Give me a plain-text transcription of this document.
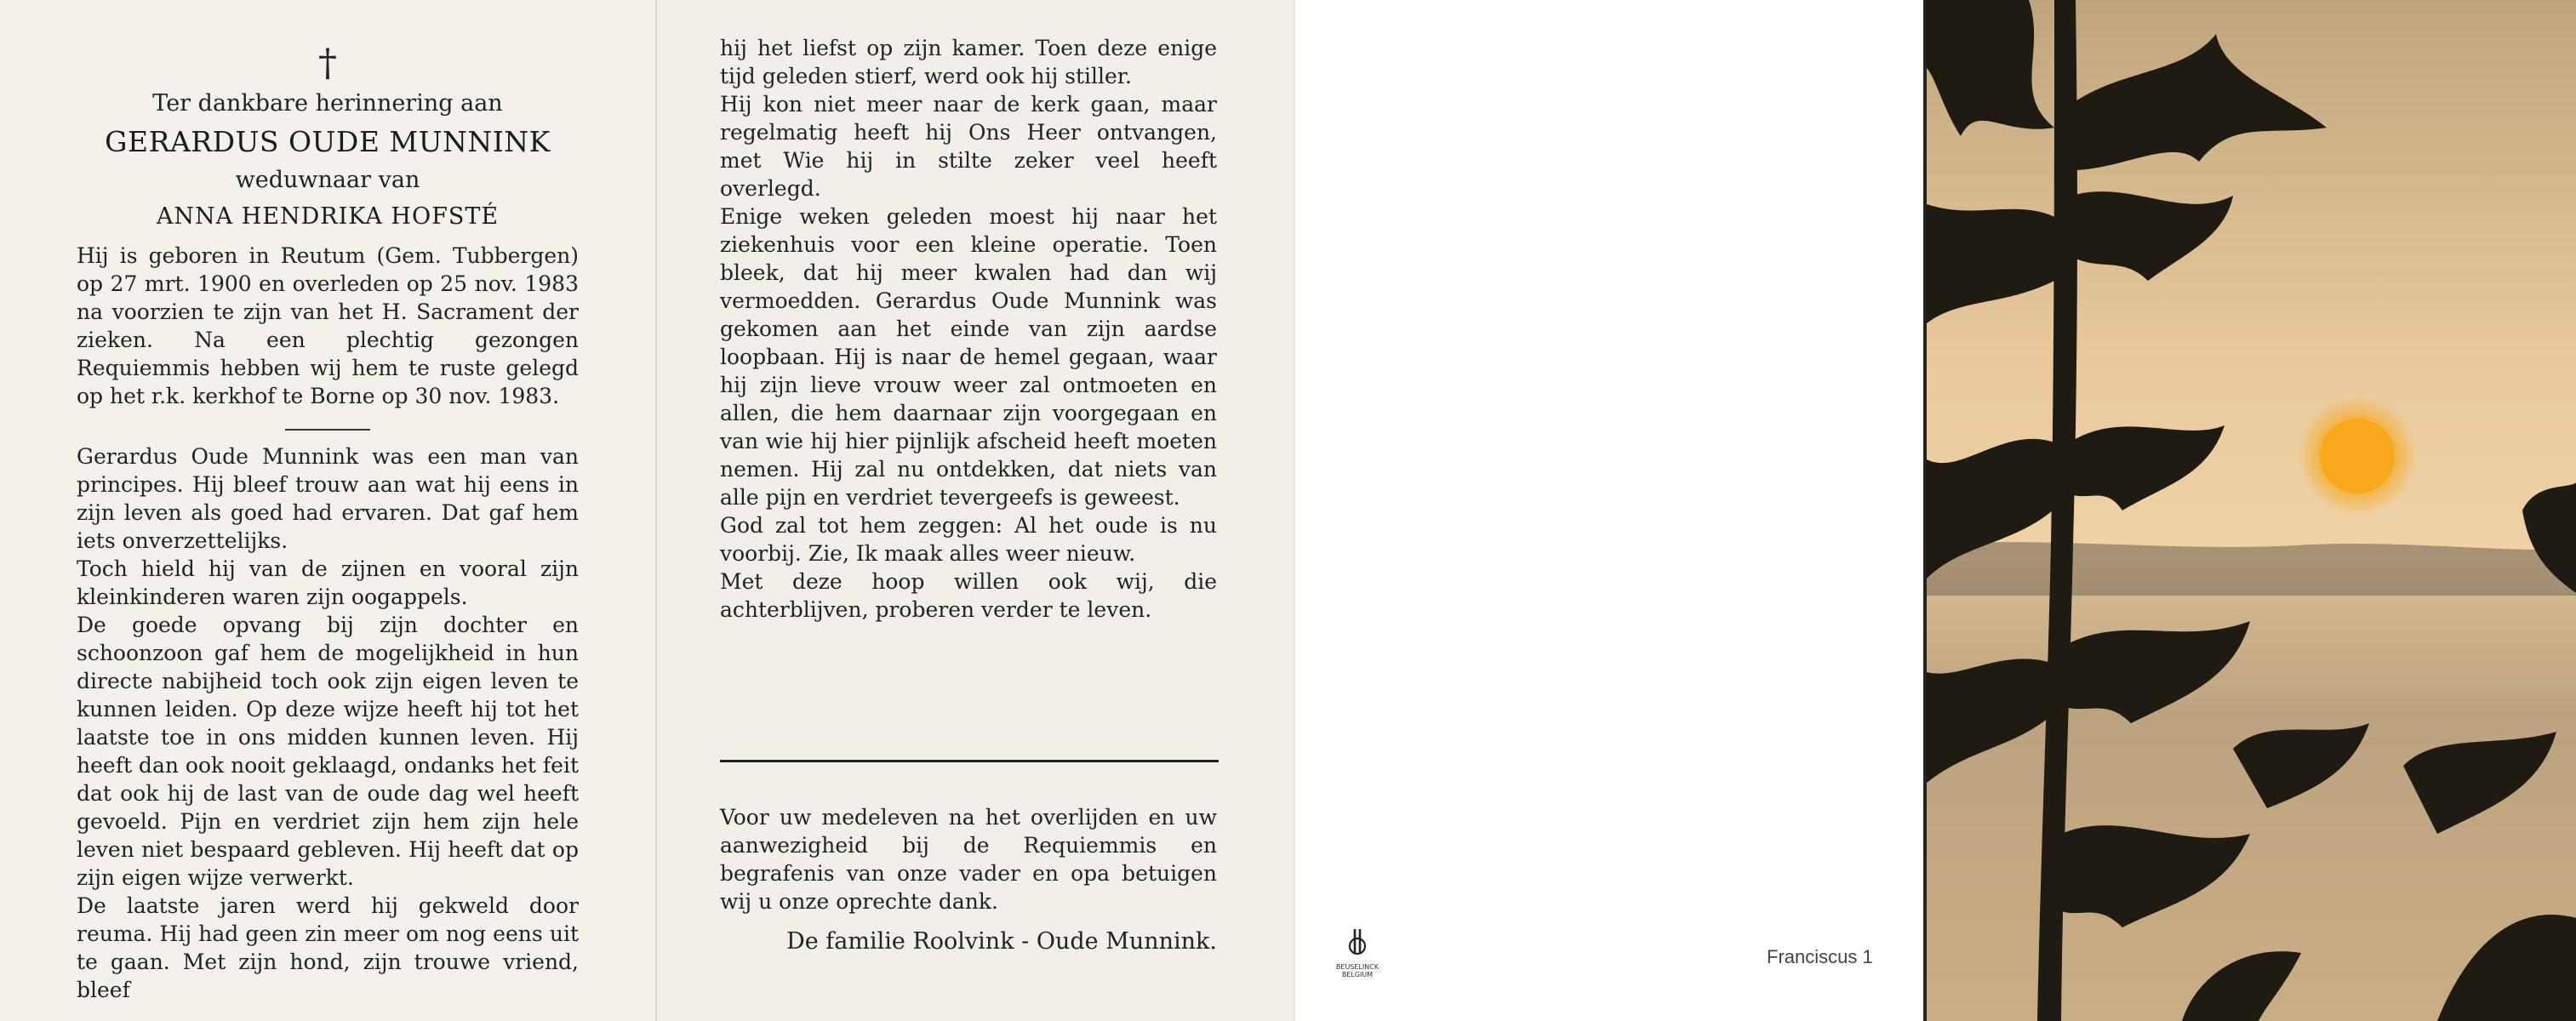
†
Ter dankbare herinnering aan
GERARDUS OUDE MUNNINK
weduwnaar van
ANNA HENDRIKA HOFSTÉ

Hij is geboren in Reutum (Gem. Tubbergen) op 27 mrt. 1900 en overleden op 25 nov. 1983 na voorzien te zijn van het H. Sacrament der zieken. Na een plechtig gezongen Requiemmis hebben wij hem te ruste gelegd op het r.k. kerkhof te Borne op 30 nov. 1983.

Gerardus Oude Munnink was een man van principes. Hij bleef trouw aan wat hij eens in zijn leven als goed had ervaren. Dat gaf hem iets onverzettelijks.
Toch hield hij van de zijnen en vooral zijn kleinkinderen waren zijn oogappels.
De goede opvang bij zijn dochter en schoonzoon gaf hem de mogelijkheid in hun directe nabijheid toch ook zijn eigen leven te kunnen leiden. Op deze wijze heeft hij tot het laatste toe in ons midden kunnen leven. Hij heeft dan ook nooit geklaagd, ondanks het feit dat ook hij de last van de oude dag wel heeft gevoeld. Pijn en verdriet zijn hem zijn hele leven niet bespaard gebleven. Hij heeft dat op zijn eigen wijze verwerkt.
De laatste jaren werd hij gekweld door reuma. Hij had geen zin meer om nog eens uit te gaan. Met zijn hond, zijn trouwe vriend, bleef

hij het liefst op zijn kamer. Toen deze enige tijd geleden stierf, werd ook hij stiller.
Hij kon niet meer naar de kerk gaan, maar regelmatig heeft hij Ons Heer ontvangen, met Wie hij in stilte zeker veel heeft overlegd.
Enige weken geleden moest hij naar het ziekenhuis voor een kleine operatie. Toen bleek, dat hij meer kwalen had dan wij vermoedden. Gerardus Oude Munnink was gekomen aan het einde van zijn aardse loopbaan. Hij is naar de hemel gegaan, waar hij zijn lieve vrouw weer zal ontmoeten en allen, die hem daarnaar zijn voorgegaan en van wie hij hier pijnlijk afscheid heeft moeten nemen. Hij zal nu ontdekken, dat niets van alle pijn en verdriet tevergeefs is geweest.
God zal tot hem zeggen: Al het oude is nu voorbij. Zie, Ik maak alles weer nieuw.
Met deze hoop willen ook wij, die achterblijven, proberen verder te leven.

Voor uw medeleven na het overlijden en uw aanwezigheid bij de Requiemmis en begrafenis van onze vader en opa betuigen wij u onze oprechte dank.

De familie Roolvink - Oude Munnink.
BEUSELINCK
BELGIUM
Franciscus 1
